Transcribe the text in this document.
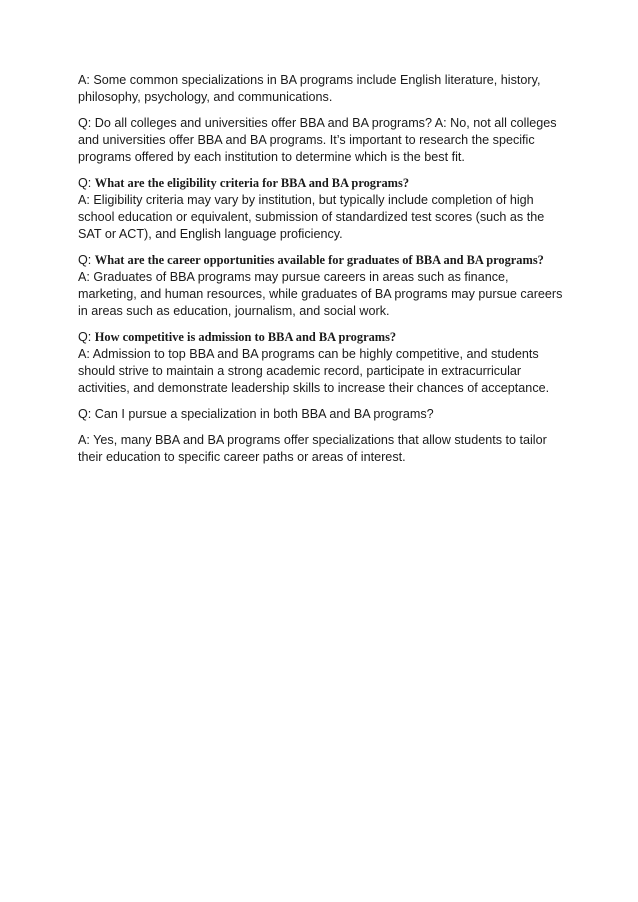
A: Some common specializations in BA programs include English literature, history, philosophy, psychology, and communications.

Q: Do all colleges and universities offer BBA and BA programs? A: No, not all colleges and universities offer BBA and BA programs. It’s important to research the specific programs offered by each institution to determine which is the best fit.

Q: What are the eligibility criteria for BBA and BA programs?
A: Eligibility criteria may vary by institution, but typically include completion of high school education or equivalent, submission of standardized test scores (such as the SAT or ACT), and English language proficiency.

Q: What are the career opportunities available for graduates of BBA and BA programs?
A: Graduates of BBA programs may pursue careers in areas such as finance, marketing, and human resources, while graduates of BA programs may pursue careers in areas such as education, journalism, and social work.

Q: How competitive is admission to BBA and BA programs?
A: Admission to top BBA and BA programs can be highly competitive, and students should strive to maintain a strong academic record, participate in extracurricular activities, and demonstrate leadership skills to increase their chances of acceptance.

Q: Can I pursue a specialization in both BBA and BA programs?

A: Yes, many BBA and BA programs offer specializations that allow students to tailor their education to specific career paths or areas of interest.
